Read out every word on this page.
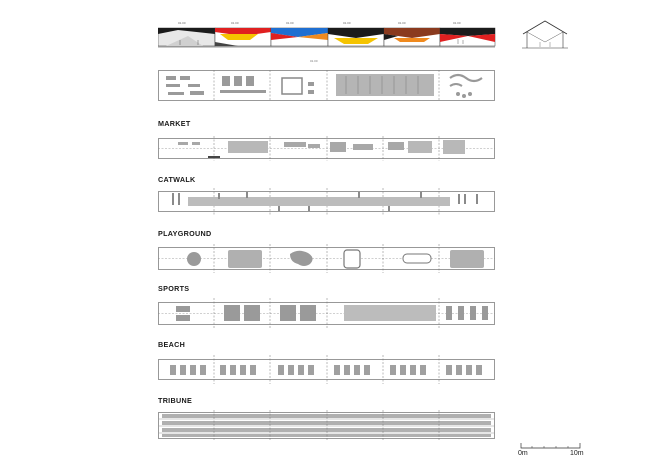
01.00	01.00	01.00	01.00	01.00	01.00
01.00
MARKET
CATWALK
PLAYGROUND
SPORTS
BEACH
TRIBUNE
0m	10m
